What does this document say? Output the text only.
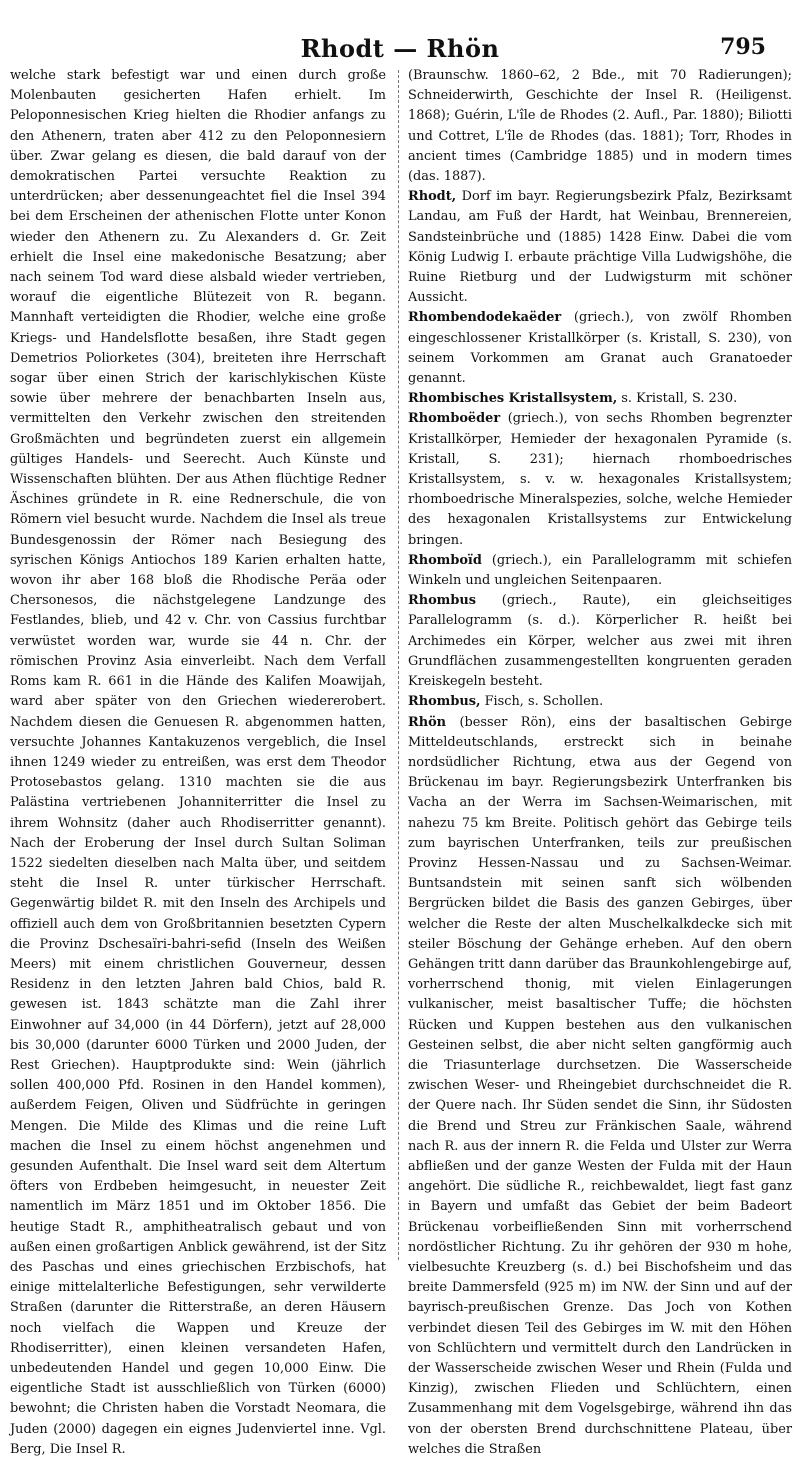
Rhodt — Rhön	795

welche stark befestigt war und einen durch große Molenbauten gesicherten Hafen erhielt. Im Peloponnesischen Krieg hielten die Rhodier anfangs zu den Athenern, traten aber 412 zu den Peloponnesiern über. Zwar gelang es diesen, die bald darauf von der demokratischen Partei versuchte Reaktion zu unterdrücken; aber dessenungeachtet fiel die Insel 394 bei dem Erscheinen der athenischen Flotte unter Konon wieder den Athenern zu. Zu Alexanders d. Gr. Zeit erhielt die Insel eine makedonische Besatzung; aber nach seinem Tod ward diese alsbald wieder vertrieben, worauf die eigentliche Blütezeit von R. begann. Mannhaft verteidigten die Rhodier, welche eine große Kriegs- und Handelsflotte besaßen, ihre Stadt gegen Demetrios Poliorketes (304), breiteten ihre Herrschaft sogar über einen Strich der karischlykischen Küste sowie über mehrere der benachbarten Inseln aus, vermittelten den Verkehr zwischen den streitenden Großmächten und begründeten zuerst ein allgemein gültiges Handels- und Seerecht. Auch Künste und Wissenschaften blühten. Der aus Athen flüchtige Redner Äschines gründete in R. eine Rednerschule, die von Römern viel besucht wurde. Nachdem die Insel als treue Bundesgenossin der Römer nach Besiegung des syrischen Königs Antiochos 189 Karien erhalten hatte, wovon ihr aber 168 bloß die Rhodische Peräa oder Chersonesos, die nächstgelegene Landzunge des Festlandes, blieb, und 42 v. Chr. von Cassius furchtbar verwüstet worden war, wurde sie 44 n. Chr. der römischen Provinz Asia einverleibt. Nach dem Verfall Roms kam R. 661 in die Hände des Kalifen Moawijah, ward aber später von den Griechen wiedererobert. Nachdem diesen die Genuesen R. abgenommen hatten, versuchte Johannes Kantakuzenos vergeblich, die Insel ihnen 1249 wieder zu entreißen, was erst dem Theodor Protosebastos gelang. 1310 machten sie die aus Palästina vertriebenen Johanniterritter die Insel zu ihrem Wohnsitz (daher auch Rhodiserritter genannt). Nach der Eroberung der Insel durch Sultan Soliman 1522 siedelten dieselben nach Malta über, und seitdem steht die Insel R. unter türkischer Herrschaft. Gegenwärtig bildet R. mit den Inseln des Archipels und offiziell auch dem von Großbritannien besetzten Cypern die Provinz Dschesaïri-bahri-sefid (Inseln des Weißen Meers) mit einem christlichen Gouverneur, dessen Residenz in den letzten Jahren bald Chios, bald R. gewesen ist. 1843 schätzte man die Zahl ihrer Einwohner auf 34,000 (in 44 Dörfern), jetzt auf 28,000 bis 30,000 (darunter 6000 Türken und 2000 Juden, der Rest Griechen). Hauptprodukte sind: Wein (jährlich sollen 400,000 Pfd. Rosinen in den Handel kommen), außerdem Feigen, Oliven und Südfrüchte in geringen Mengen. Die Milde des Klimas und die reine Luft machen die Insel zu einem höchst angenehmen und gesunden Aufenthalt. Die Insel ward seit dem Altertum öfters von Erdbeben heimgesucht, in neuester Zeit namentlich im März 1851 und im Oktober 1856. Die heutige Stadt R., amphitheatralisch gebaut und von außen einen großartigen Anblick gewährend, ist der Sitz des Paschas und eines griechischen Erzbischofs, hat einige mittelalterliche Befestigungen, sehr verwilderte Straßen (darunter die Ritterstraße, an deren Häusern noch vielfach die Wappen und Kreuze der Rhodiserritter), einen kleinen versandeten Hafen, unbedeutenden Handel und gegen 10,000 Einw. Die eigentliche Stadt ist ausschließlich von Türken (6000) bewohnt; die Christen haben die Vorstadt Neomara, die Juden (2000) dagegen ein eignes Judenviertel inne. Vgl. Berg, Die Insel R.

(Braunschw. 1860–62, 2 Bde., mit 70 Radierungen); Schneiderwirth, Geschichte der Insel R. (Heiligenst. 1868); Guérin, L'île de Rhodes (2. Aufl., Par. 1880); Biliotti und Cottret, L'île de Rhodes (das. 1881); Torr, Rhodes in ancient times (Cambridge 1885) und in modern times (das. 1887).

Rhodt, Dorf im bayr. Regierungsbezirk Pfalz, Bezirksamt Landau, am Fuß der Hardt, hat Weinbau, Brennereien, Sandsteinbrüche und (1885) 1428 Einw. Dabei die vom König Ludwig I. erbaute prächtige Villa Ludwigshöhe, die Ruine Rietburg und der Ludwigsturm mit schöner Aussicht.

Rhombendodekaëder (griech.), von zwölf Rhomben eingeschlossener Kristallkörper (s. Kristall, S. 230), von seinem Vorkommen am Granat auch Granatoeder genannt.

Rhombisches Kristallsystem, s. Kristall, S. 230.

Rhomboëder (griech.), von sechs Rhomben begrenzter Kristallkörper, Hemieder der hexagonalen Pyramide (s. Kristall, S. 231); hiernach rhomboedrisches Kristallsystem, s. v. w. hexagonales Kristallsystem; rhomboedrische Mineralspezies, solche, welche Hemieder des hexagonalen Kristallsystems zur Entwickelung bringen.

Rhomboïd (griech.), ein Parallelogramm mit schiefen Winkeln und ungleichen Seitenpaaren.

Rhombus (griech., Raute), ein gleichseitiges Parallelogramm (s. d.). Körperlicher R. heißt bei Archimedes ein Körper, welcher aus zwei mit ihren Grundflächen zusammengestellten kongruenten geraden Kreiskegeln besteht.

Rhombus, Fisch, s. Schollen.

Rhön (besser Rön), eins der basaltischen Gebirge Mitteldeutschlands, erstreckt sich in beinahe nordsüdlicher Richtung, etwa aus der Gegend von Brückenau im bayr. Regierungsbezirk Unterfranken bis Vacha an der Werra im Sachsen-Weimarischen, mit nahezu 75 km Breite. Politisch gehört das Gebirge teils zum bayrischen Unterfranken, teils zur preußischen Provinz Hessen-Nassau und zu Sachsen-Weimar. Buntsandstein mit seinen sanft sich wölbenden Bergrücken bildet die Basis des ganzen Gebirges, über welcher die Reste der alten Muschelkalkdecke sich mit steiler Böschung der Gehänge erheben. Auf den obern Gehängen tritt dann darüber das Braunkohlengebirge auf, vorherrschend thonig, mit vielen Einlagerungen vulkanischer, meist basaltischer Tuffe; die höchsten Rücken und Kuppen bestehen aus den vulkanischen Gesteinen selbst, die aber nicht selten gangförmig auch die Triasunterlage durchsetzen. Die Wasserscheide zwischen Weser- und Rheingebiet durchschneidet die R. der Quere nach. Ihr Süden sendet die Sinn, ihr Südosten die Brend und Streu zur Fränkischen Saale, während nach R. aus der innern R. die Felda und Ulster zur Werra abfließen und der ganze Westen der Fulda mit der Haun angehört. Die südliche R., reichbewaldet, liegt fast ganz in Bayern und umfaßt das Gebiet der beim Badeort Brückenau vorbeifließenden Sinn mit vorherrschend nordöstlicher Richtung. Zu ihr gehören der 930 m hohe, vielbesuchte Kreuzberg (s. d.) bei Bischofsheim und das breite Dammersfeld (925 m) im NW. der Sinn und auf der bayrisch-preußischen Grenze. Das Joch von Kothen verbindet diesen Teil des Gebirges im W. mit den Höhen von Schlüchtern und vermittelt durch den Landrücken in der Wasserscheide zwischen Weser und Rhein (Fulda und Kinzig), zwischen Flieden und Schlüchtern, einen Zusammenhang mit dem Vogelsgebirge, während ihn das von der obersten Brend durchschnittene Plateau, über welches die Straßen
